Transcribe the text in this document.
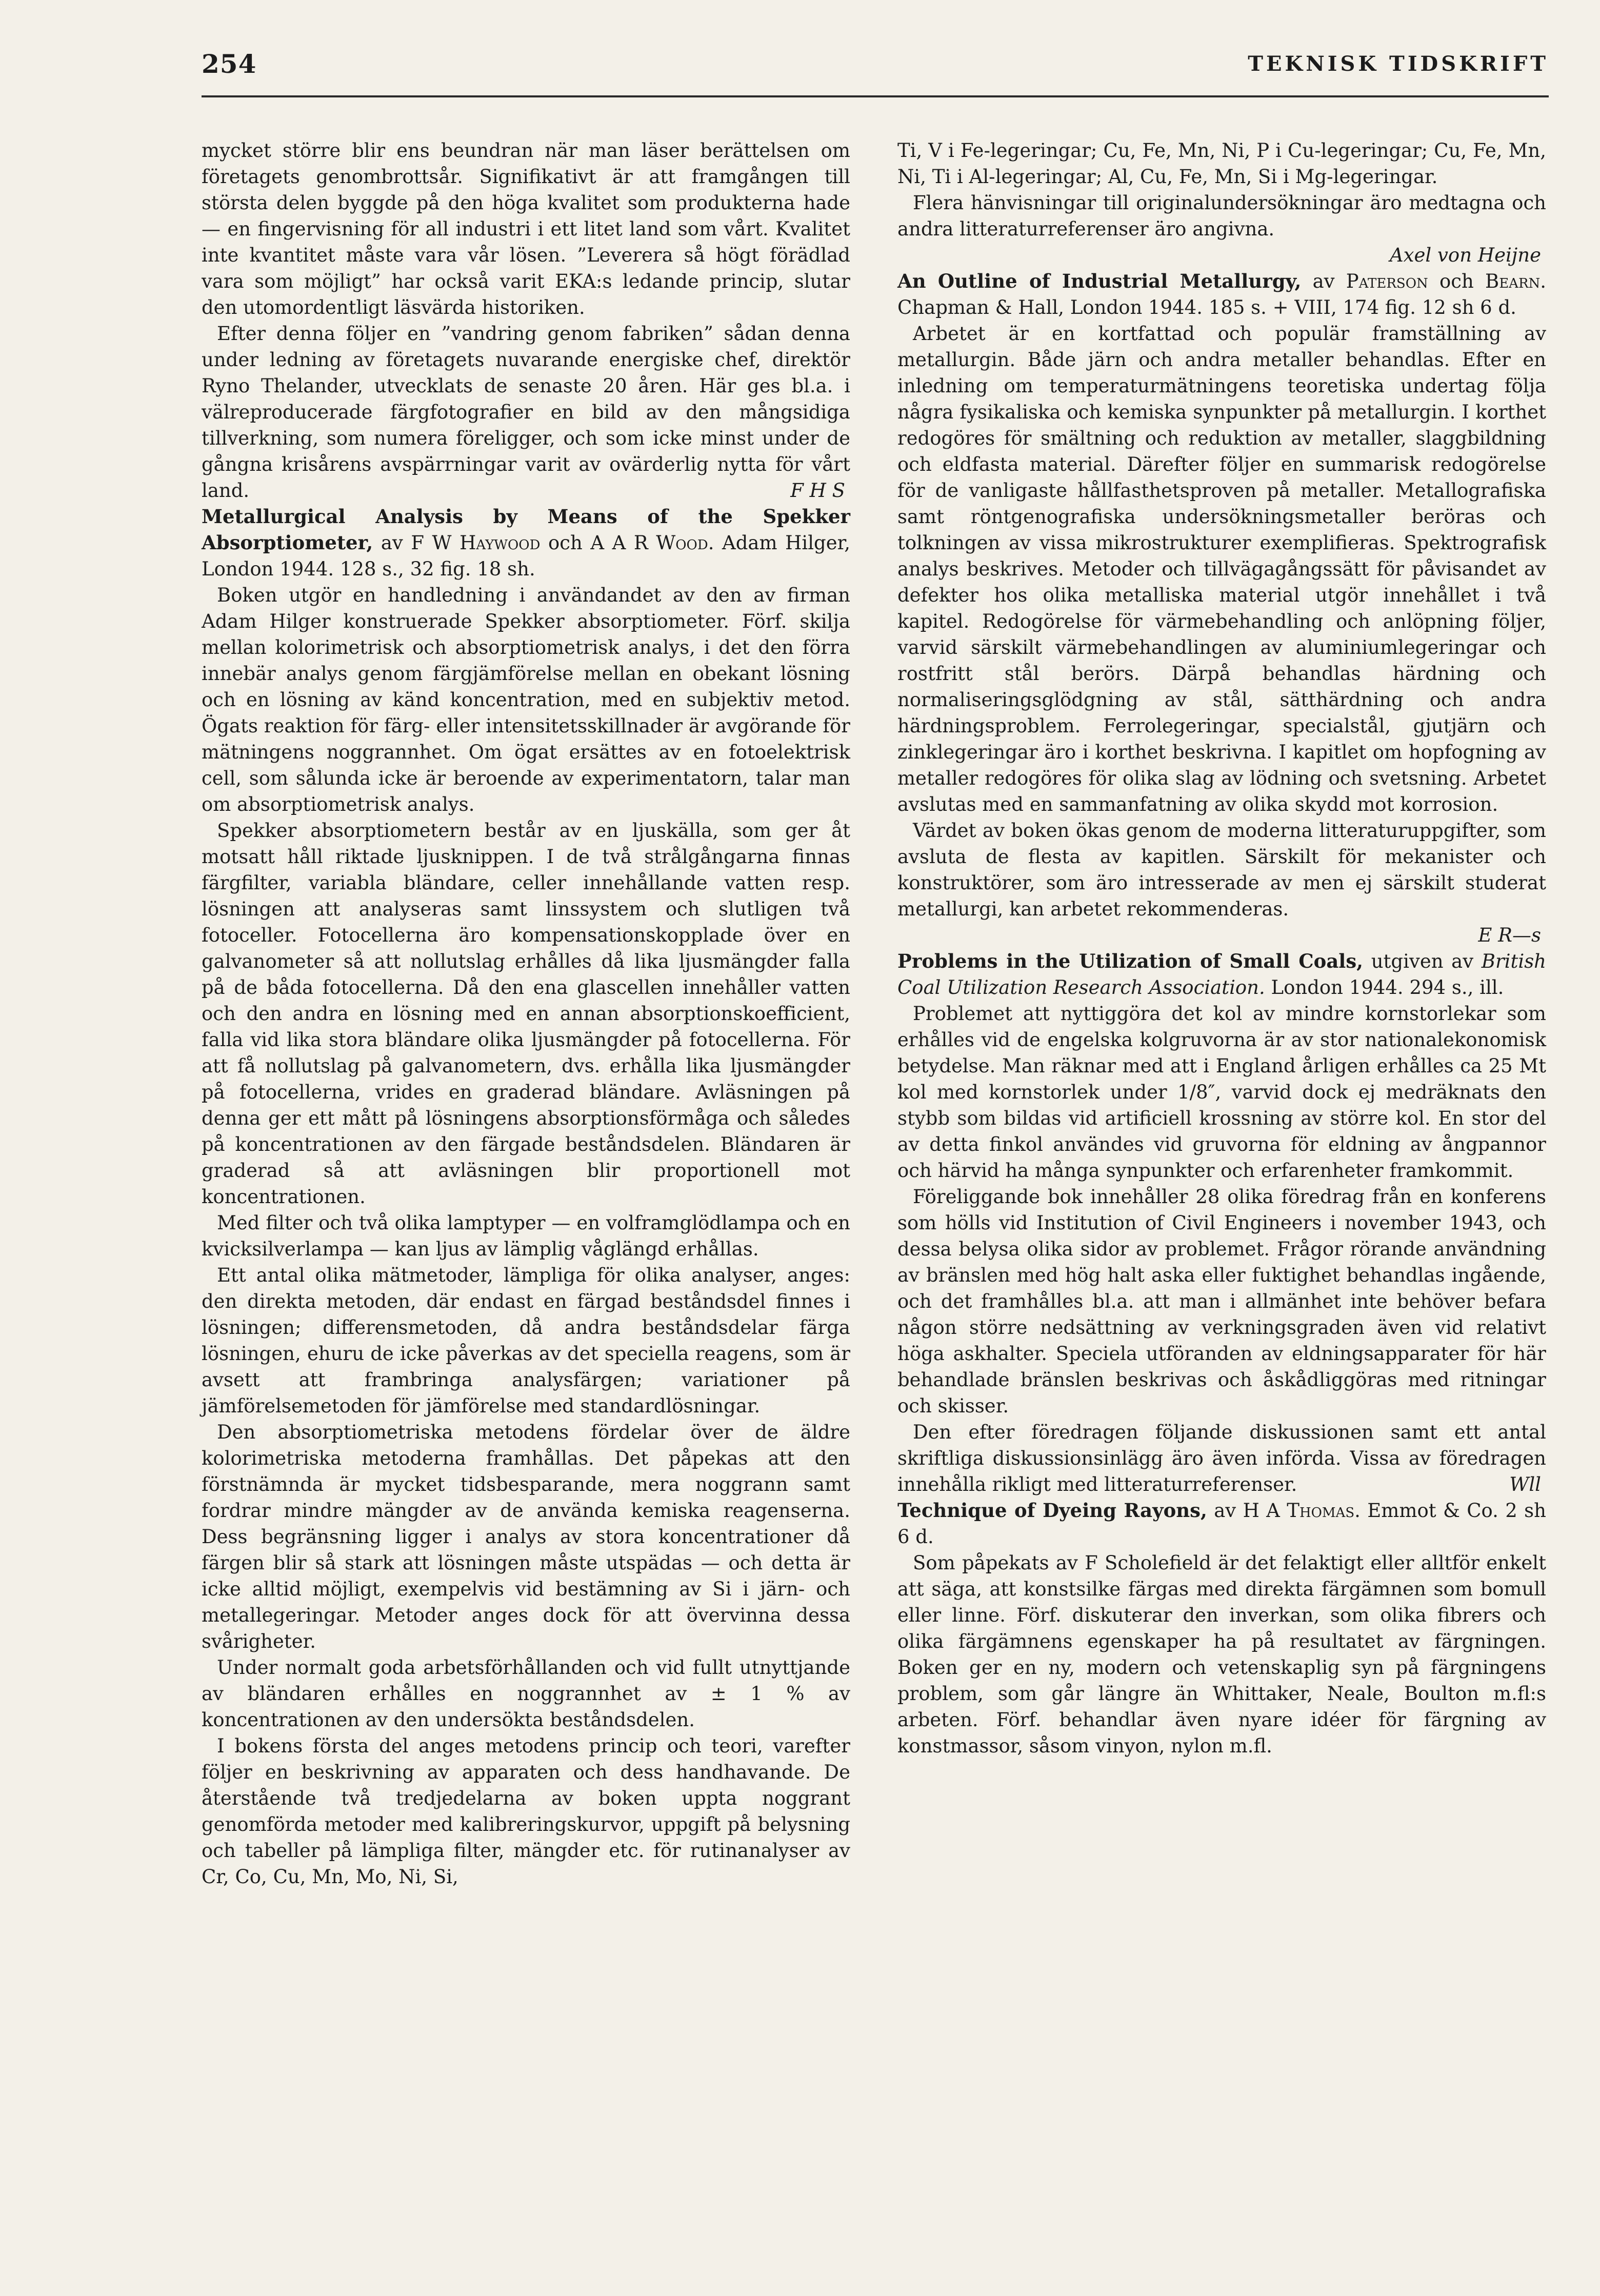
254	TEKNISK TIDSKRIFT

mycket större blir ens beundran när man läser berättelsen om företagets genombrottsår. Signifikativt är att framgången till största delen byggde på den höga kvalitet som produkterna hade — en fingervisning för all industri i ett litet land som vårt. Kvalitet inte kvantitet måste vara vår lösen. ”Leverera så högt förädlad vara som möjligt” har också varit EKA:s ledande princip, slutar den utomordentligt läsvärda historiken.

Efter denna följer en ”vandring genom fabriken” sådan denna under ledning av företagets nuvarande energiske chef, direktör Ryno Thelander, utvecklats de senaste 20 åren. Här ges bl.a. i välreproducerade färgfotografier en bild av den mångsidiga tillverkning, som numera föreligger, och som icke minst under de gångna krisårens avspärrningar varit av ovärderlig nytta för vårt land.	F H S

Metallurgical Analysis by Means of the Spekker Absorptiometer, av F W Haywood och A A R Wood. Adam Hilger, London 1944. 128 s., 32 fig. 18 sh.

Boken utgör en handledning i användandet av den av firman Adam Hilger konstruerade Spekker absorptiometer. Förf. skilja mellan kolorimetrisk och absorptiometrisk analys, i det den förra innebär analys genom färgjämförelse mellan en obekant lösning och en lösning av känd koncentration, med en subjektiv metod. Ögats reaktion för färg- eller intensitetsskillnader är avgörande för mätningens noggrannhet. Om ögat ersättes av en fotoelektrisk cell, som sålunda icke är beroende av experimentatorn, talar man om absorptiometrisk analys.

Spekker absorptiometern består av en ljuskälla, som ger åt motsatt håll riktade ljusknippen. I de två strålgångarna finnas färgfilter, variabla bländare, celler innehållande vatten resp. lösningen att analyseras samt linssystem och slutligen två fotoceller. Fotocellerna äro kompensationskopplade över en galvanometer så att nollutslag erhålles då lika ljusmängder falla på de båda fotocellerna. Då den ena glascellen innehåller vatten och den andra en lösning med en annan absorptionskoefficient, falla vid lika stora bländare olika ljusmängder på fotocellerna. För att få nollutslag på galvanometern, dvs. erhålla lika ljusmängder på fotocellerna, vrides en graderad bländare. Avläsningen på denna ger ett mått på lösningens absorptionsförmåga och således på koncentrationen av den färgade beståndsdelen. Bländaren är graderad så att avläsningen blir proportionell mot koncentrationen.

Med filter och två olika lamptyper — en volframglödlampa och en kvicksilverlampa — kan ljus av lämplig våglängd erhållas.

Ett antal olika mätmetoder, lämpliga för olika analyser, anges: den direkta metoden, där endast en färgad beståndsdel finnes i lösningen; differensmetoden, då andra beståndsdelar färga lösningen, ehuru de icke påverkas av det speciella reagens, som är avsett att frambringa analysfärgen; variationer på jämförelsemetoden för jämförelse med standardlösningar.

Den absorptiometriska metodens fördelar över de äldre kolorimetriska metoderna framhållas. Det påpekas att den förstnämnda är mycket tidsbesparande, mera noggrann samt fordrar mindre mängder av de använda kemiska reagenserna. Dess begränsning ligger i analys av stora koncentrationer då färgen blir så stark att lösningen måste utspädas — och detta är icke alltid möjligt, exempelvis vid bestämning av Si i järn- och metallegeringar. Metoder anges dock för att övervinna dessa svårigheter.

Under normalt goda arbetsförhållanden och vid fullt utnyttjande av bländaren erhålles en noggrannhet av ± 1 % av koncentrationen av den undersökta beståndsdelen.

I bokens första del anges metodens princip och teori, varefter följer en beskrivning av apparaten och dess handhavande. De återstående två tredjedelarna av boken uppta noggrant genomförda metoder med kalibreringskurvor, uppgift på belysning och tabeller på lämpliga filter, mängder etc. för rutinanalyser av Cr, Co, Cu, Mn, Mo, Ni, Si,

Ti, V i Fe-legeringar; Cu, Fe, Mn, Ni, P i Cu-legeringar; Cu, Fe, Mn, Ni, Ti i Al-legeringar; Al, Cu, Fe, Mn, Si i Mg-legeringar.

Flera hänvisningar till originalundersökningar äro medtagna och andra litteraturreferenser äro angivna.

Axel von Heijne

An Outline of Industrial Metallurgy, av Paterson och Bearn. Chapman & Hall, London 1944. 185 s. + VIII, 174 fig. 12 sh 6 d.

Arbetet är en kortfattad och populär framställning av metallurgin. Både järn och andra metaller behandlas. Efter en inledning om temperaturmätningens teoretiska undertag följa några fysikaliska och kemiska synpunkter på metallurgin. I korthet redogöres för smältning och reduktion av metaller, slaggbildning och eldfasta material. Därefter följer en summarisk redogörelse för de vanligaste hållfasthetsproven på metaller. Metallografiska samt röntgenografiska undersökningsmetaller beröras och tolkningen av vissa mikrostrukturer exemplifieras. Spektrografisk analys beskrives. Metoder och tillvägagångssätt för påvisandet av defekter hos olika metalliska material utgör innehållet i två kapitel. Redogörelse för värmebehandling och anlöpning följer, varvid särskilt värmebehandlingen av aluminiumlegeringar och rostfritt stål berörs. Därpå behandlas härdning och normaliseringsglödgning av stål, sätthärdning och andra härdningsproblem. Ferrolegeringar, specialstål, gjutjärn och zinklegeringar äro i korthet beskrivna. I kapitlet om hopfogning av metaller redogöres för olika slag av lödning och svetsning. Arbetet avslutas med en sammanfatning av olika skydd mot korrosion.

Värdet av boken ökas genom de moderna litteraturuppgifter, som avsluta de flesta av kapitlen. Särskilt för mekanister och konstruktörer, som äro intresserade av men ej särskilt studerat metallurgi, kan arbetet rekommenderas.

E R—s

Problems in the Utilization of Small Coals, utgiven av British Coal Utilization Research Association. London 1944. 294 s., ill.

Problemet att nyttiggöra det kol av mindre kornstorlekar som erhålles vid de engelska kolgruvorna är av stor nationalekonomisk betydelse. Man räknar med att i England årligen erhålles ca 25 Mt kol med kornstorlek under 1/8″, varvid dock ej medräknats den stybb som bildas vid artificiell krossning av större kol. En stor del av detta finkol användes vid gruvorna för eldning av ångpannor och härvid ha många synpunkter och erfarenheter framkommit.

Föreliggande bok innehåller 28 olika föredrag från en konferens som hölls vid Institution of Civil Engineers i november 1943, och dessa belysa olika sidor av problemet. Frågor rörande användning av bränslen med hög halt aska eller fuktighet behandlas ingående, och det framhålles bl.a. att man i allmänhet inte behöver befara någon större nedsättning av verkningsgraden även vid relativt höga askhalter. Speciela utföranden av eldningsapparater för här behandlade bränslen beskrivas och åskådliggöras med ritningar och skisser.

Den efter föredragen följande diskussionen samt ett antal skriftliga diskussionsinlägg äro även införda. Vissa av föredragen innehålla rikligt med litteraturreferenser.	Wll

Technique of Dyeing Rayons, av H A Thomas. Emmot & Co. 2 sh 6 d.

Som påpekats av F Scholefield är det felaktigt eller alltför enkelt att säga, att konstsilke färgas med direkta färgämnen som bomull eller linne. Förf. diskuterar den inverkan, som olika fibrers och olika färgämnens egenskaper ha på resultatet av färgningen. Boken ger en ny, modern och vetenskaplig syn på färgningens problem, som går längre än Whittaker, Neale, Boulton m.fl:s arbeten. Förf. behandlar även nyare idéer för färgning av konstmassor, såsom vinyon, nylon m.fl.
